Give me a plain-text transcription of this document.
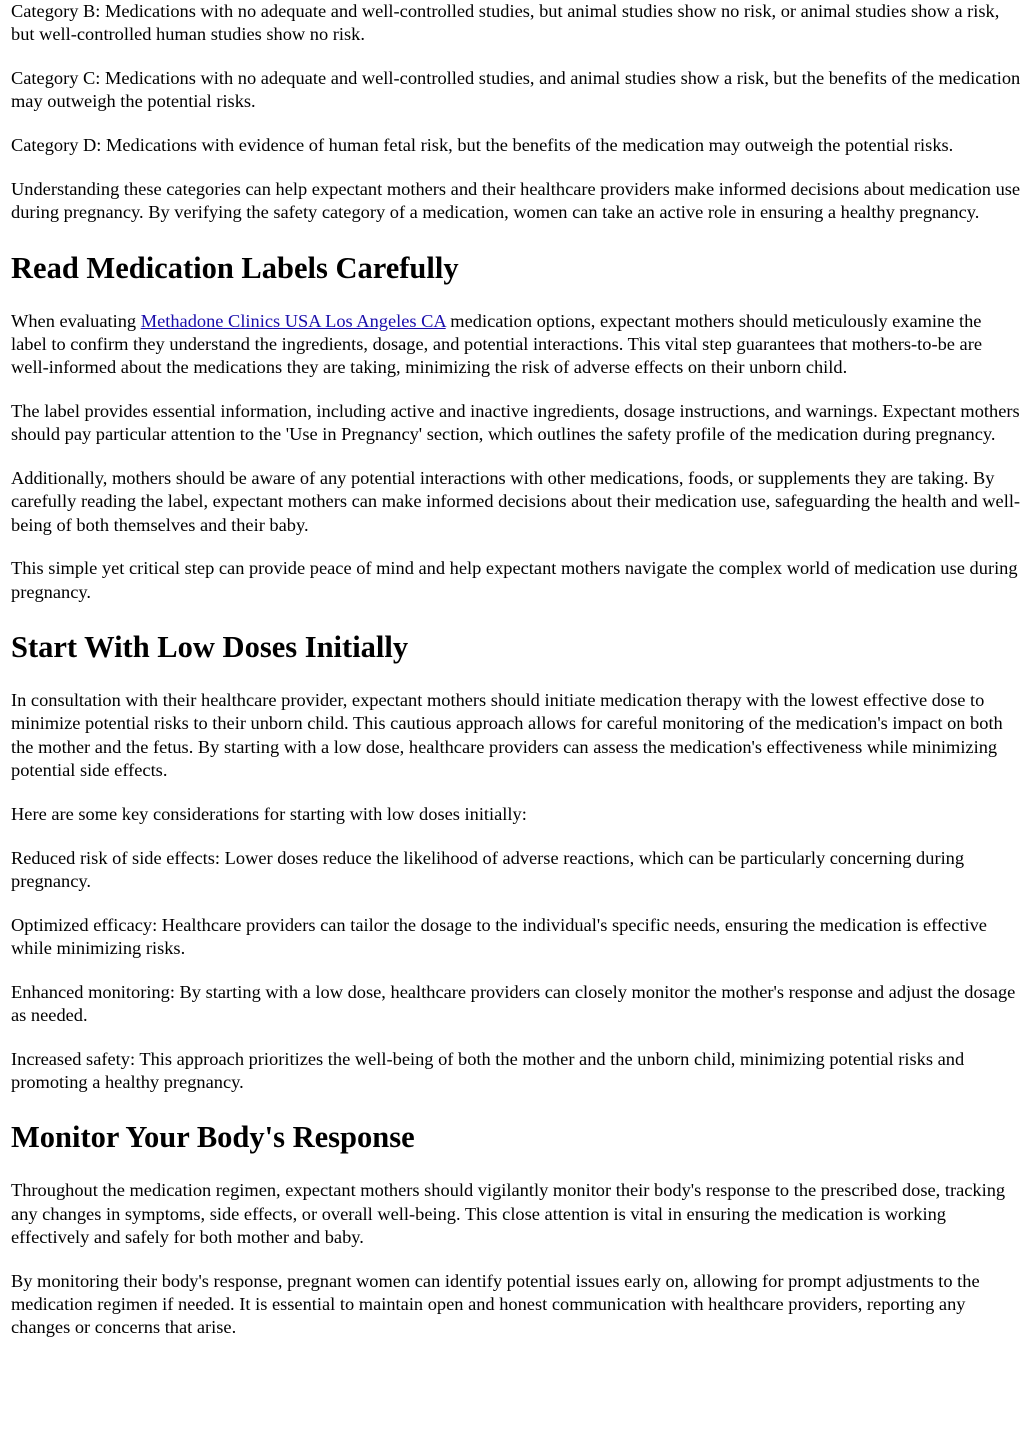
Category B: Medications with no adequate and well-controlled studies, but animal studies show no risk, or animal studies show a risk, but well-controlled human studies show no risk.

Category C: Medications with no adequate and well-controlled studies, and animal studies show a risk, but the benefits of the medication may outweigh the potential risks.

Category D: Medications with evidence of human fetal risk, but the benefits of the medication may outweigh the potential risks.

Understanding these categories can help expectant mothers and their healthcare providers make informed decisions about medication use during pregnancy. By verifying the safety category of a medication, women can take an active role in ensuring a healthy pregnancy.

Read Medication Labels Carefully

When evaluating Methadone Clinics USA Los Angeles CA medication options, expectant mothers should meticulously examine the label to confirm they understand the ingredients, dosage, and potential interactions. This vital step guarantees that mothers-to-be are well-informed about the medications they are taking, minimizing the risk of adverse effects on their unborn child.

The label provides essential information, including active and inactive ingredients, dosage instructions, and warnings. Expectant mothers should pay particular attention to the 'Use in Pregnancy' section, which outlines the safety profile of the medication during pregnancy.

Additionally, mothers should be aware of any potential interactions with other medications, foods, or supplements they are taking. By carefully reading the label, expectant mothers can make informed decisions about their medication use, safeguarding the health and well-being of both themselves and their baby.

This simple yet critical step can provide peace of mind and help expectant mothers navigate the complex world of medication use during pregnancy.

Start With Low Doses Initially

In consultation with their healthcare provider, expectant mothers should initiate medication therapy with the lowest effective dose to minimize potential risks to their unborn child. This cautious approach allows for careful monitoring of the medication's impact on both the mother and the fetus. By starting with a low dose, healthcare providers can assess the medication's effectiveness while minimizing potential side effects.

Here are some key considerations for starting with low doses initially:

Reduced risk of side effects: Lower doses reduce the likelihood of adverse reactions, which can be particularly concerning during pregnancy.

Optimized efficacy: Healthcare providers can tailor the dosage to the individual's specific needs, ensuring the medication is effective while minimizing risks.

Enhanced monitoring: By starting with a low dose, healthcare providers can closely monitor the mother's response and adjust the dosage as needed.

Increased safety: This approach prioritizes the well-being of both the mother and the unborn child, minimizing potential risks and promoting a healthy pregnancy.

Monitor Your Body's Response

Throughout the medication regimen, expectant mothers should vigilantly monitor their body's response to the prescribed dose, tracking any changes in symptoms, side effects, or overall well-being. This close attention is vital in ensuring the medication is working effectively and safely for both mother and baby.

By monitoring their body's response, pregnant women can identify potential issues early on, allowing for prompt adjustments to the medication regimen if needed. It is essential to maintain open and honest communication with healthcare providers, reporting any changes or concerns that arise.
